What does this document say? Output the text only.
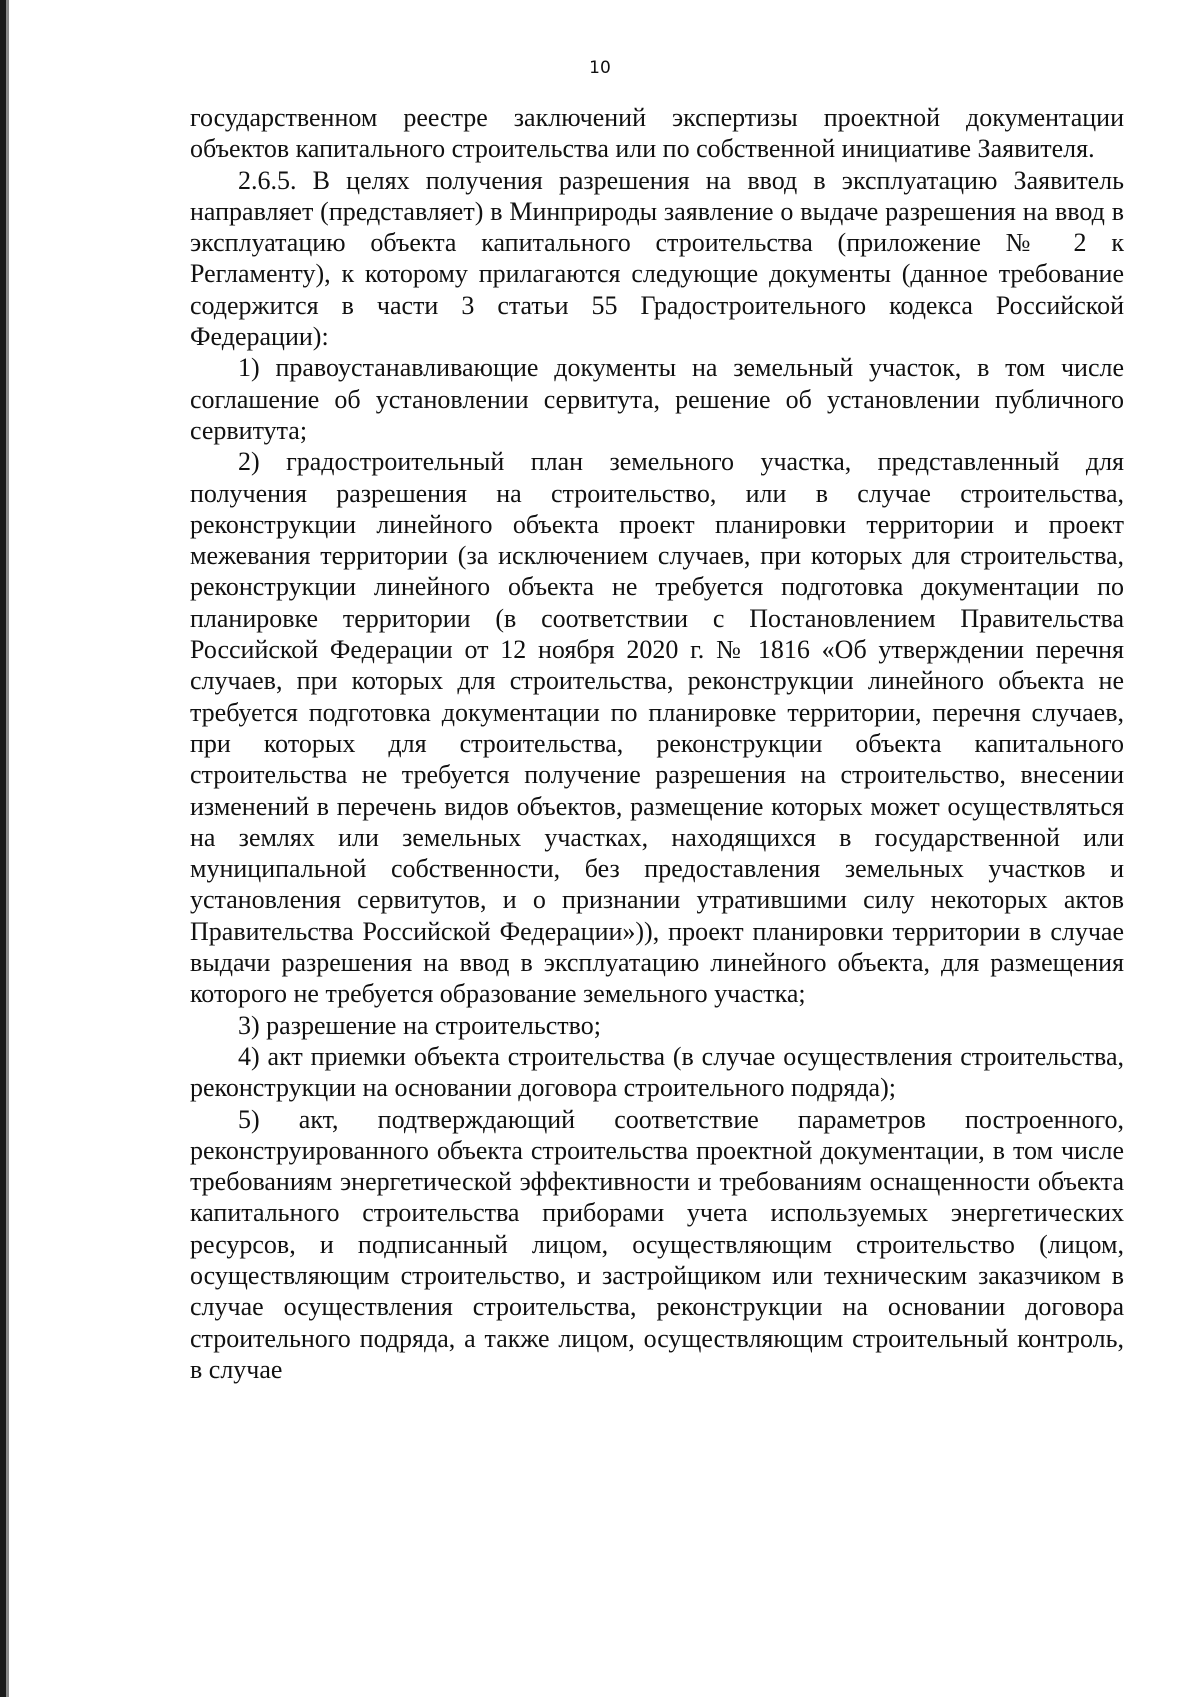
10

государственном реестре заключений экспертизы проектной документации объектов капитального строительства или по собственной инициативе Заявителя.

2.6.5. В целях получения разрешения на ввод в эксплуатацию Заявитель направляет (представляет) в Минприроды заявление о выдаче разрешения на ввод в эксплуатацию объекта капитального строительства (приложение № 2 к Регламенту), к которому прилагаются следующие документы (данное требование содержится в части 3 статьи 55 Градостроительного кодекса Российской Федерации):

1) правоустанавливающие документы на земельный участок, в том числе соглашение об установлении сервитута, решение об установлении публичного сервитута;

2) градостроительный план земельного участка, представленный для получения разрешения на строительство, или в случае строительства, реконструкции линейного объекта проект планировки территории и проект межевания территории (за исключением случаев, при которых для строительства, реконструкции линейного объекта не требуется подготовка документации по планировке территории (в соответствии с Постановлением Правительства Российской Федерации от 12 ноября 2020 г. № 1816 «Об утверждении перечня случаев, при которых для строительства, реконструкции линейного объекта не требуется подготовка документации по планировке территории, перечня случаев, при которых для строительства, реконструкции объекта капитального строительства не требуется получение разрешения на строительство, внесении изменений в перечень видов объектов, размещение которых может осуществляться на землях или земельных участках, находящихся в государственной или муниципальной собственности, без предоставления земельных участков и установления сервитутов, и о признании утратившими силу некоторых актов Правительства Российской Федерации»)), проект планировки территории в случае выдачи разрешения на ввод в эксплуатацию линейного объекта, для размещения которого не требуется образование земельного участка;

3) разрешение на строительство;

4) акт приемки объекта строительства (в случае осуществления строительства, реконструкции на основании договора строительного подряда);

5) акт, подтверждающий соответствие параметров построенного, реконструированного объекта строительства проектной документации, в том числе требованиям энергетической эффективности и требованиям оснащенности объекта капитального строительства приборами учета используемых энергетических ресурсов, и подписанный лицом, осуществляющим строительство (лицом, осуществляющим строительство, и застройщиком или техническим заказчиком в случае осуществления строительства, реконструкции на основании договора строительного подряда, а также лицом, осуществляющим строительный контроль, в случае
